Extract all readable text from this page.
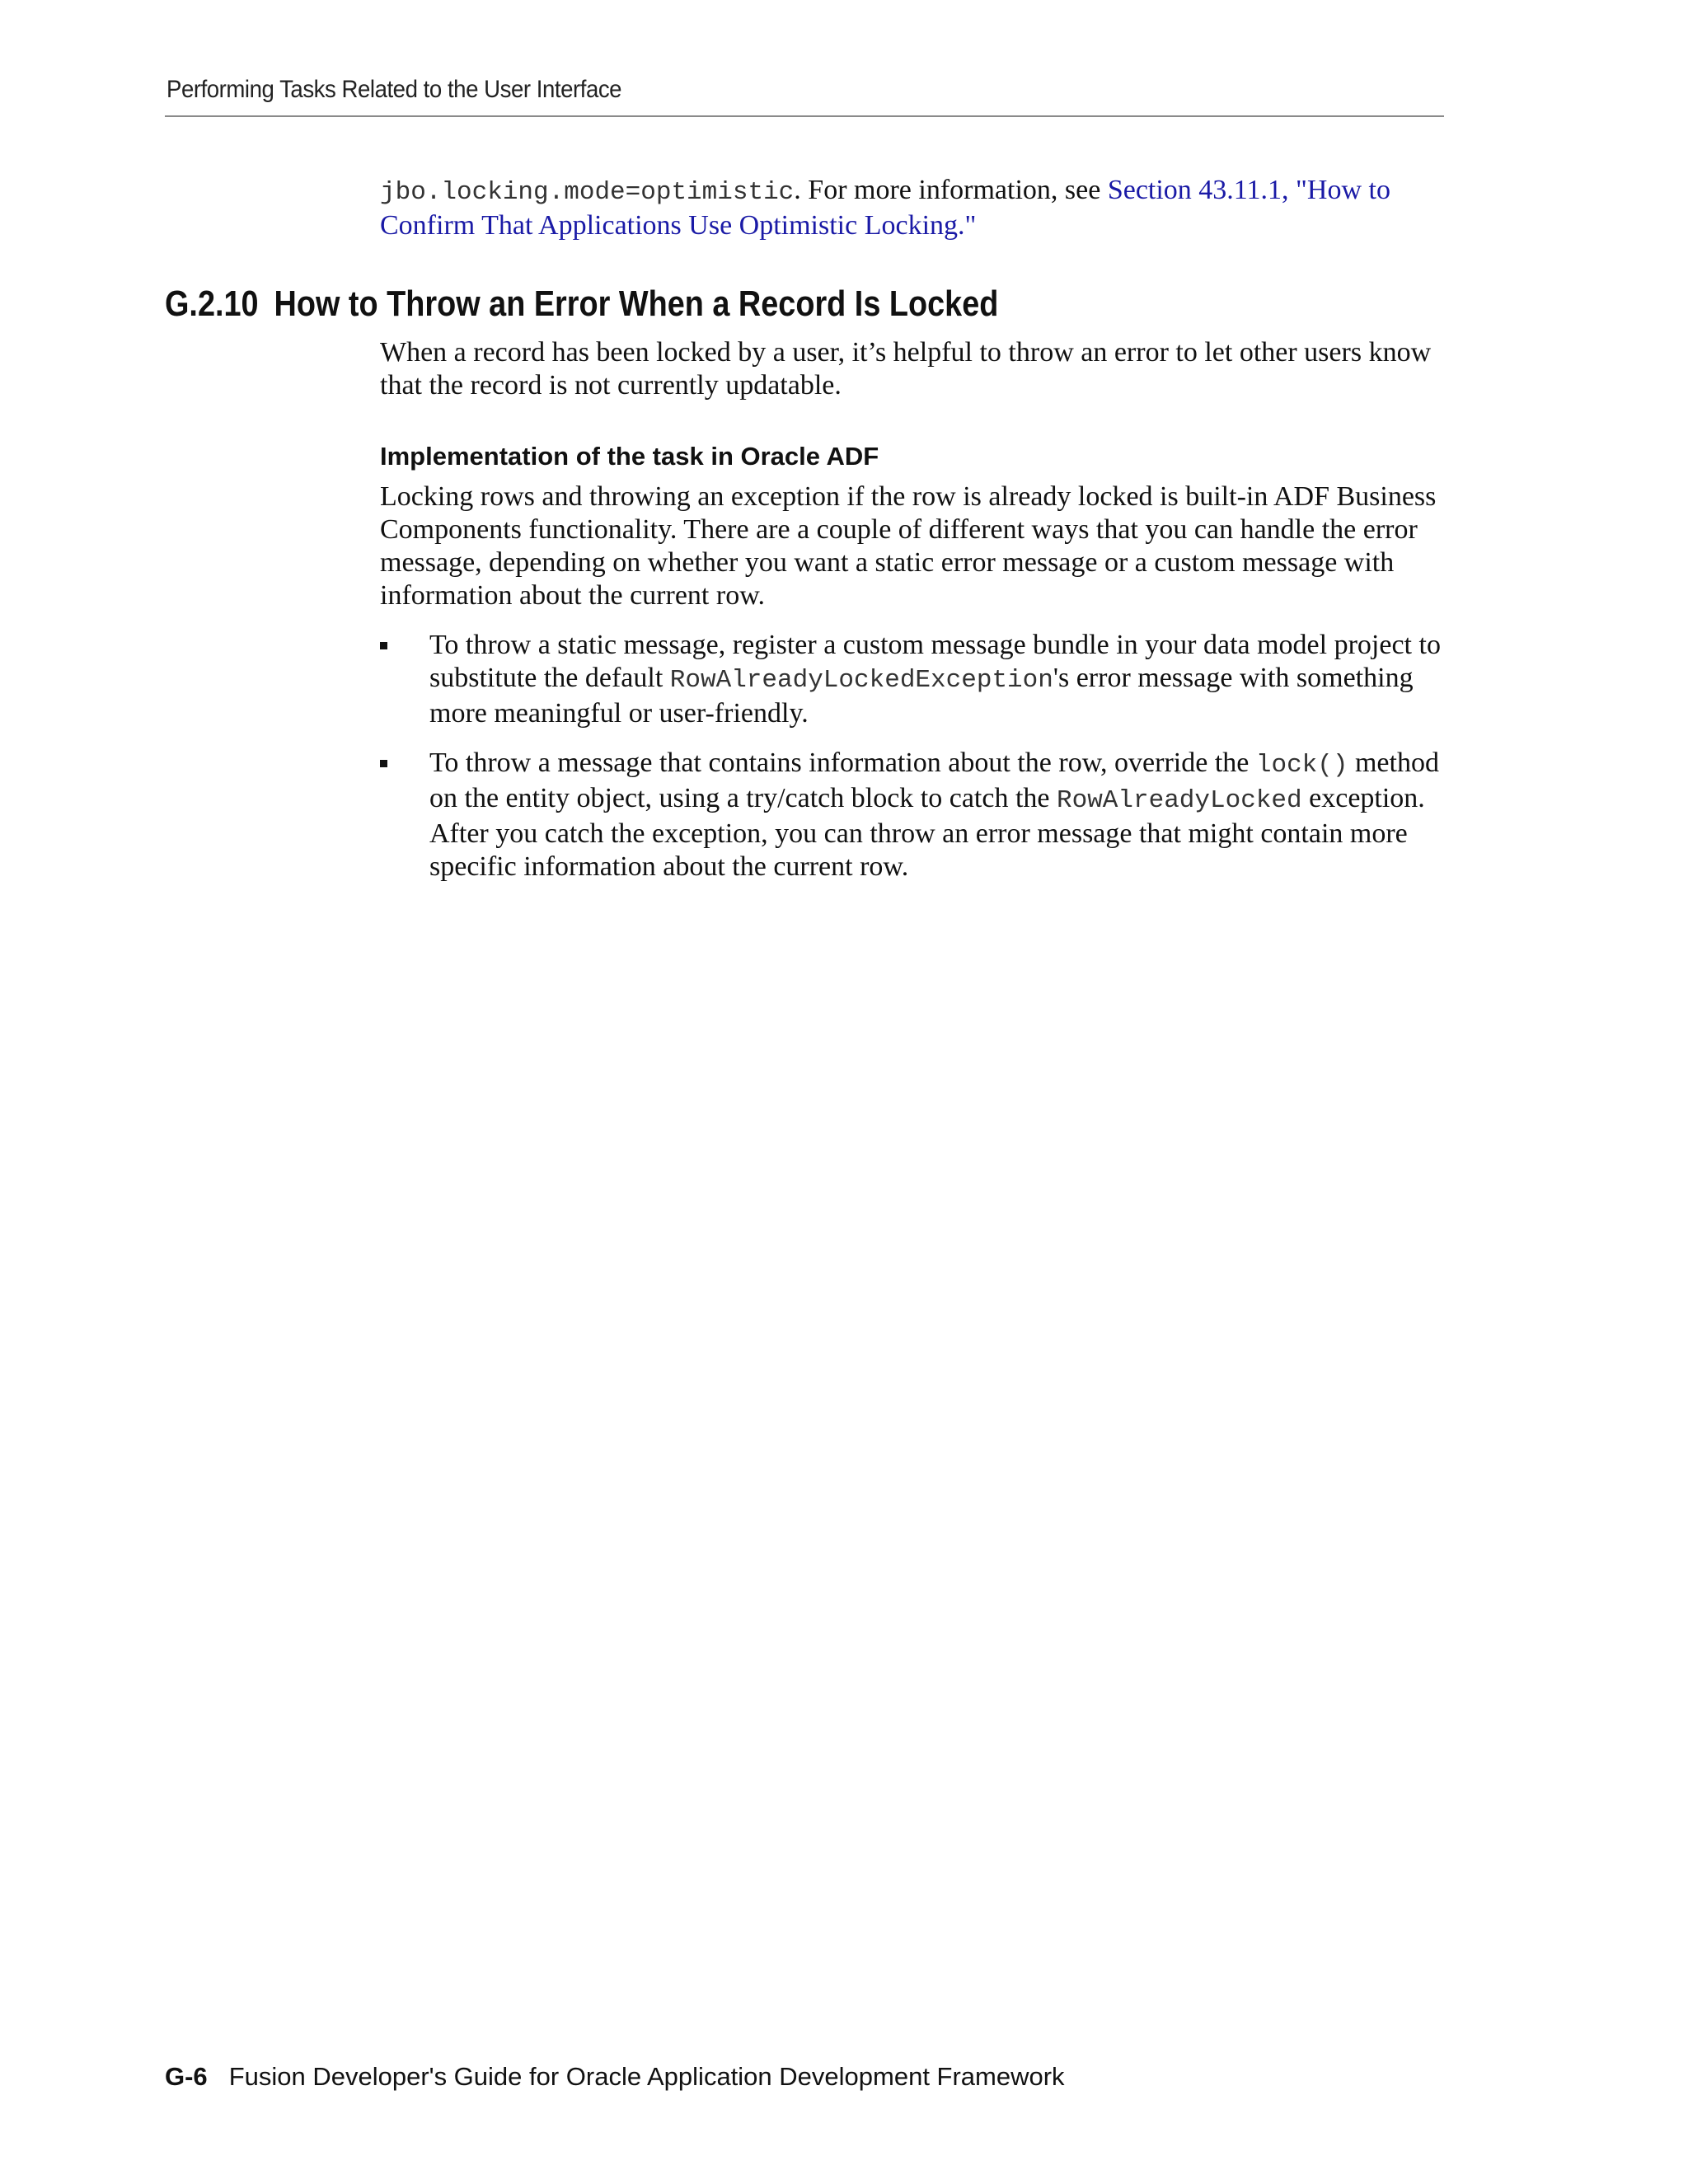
Performing Tasks Related to the User Interface

jbo.locking.mode=optimistic. For more information, see Section 43.11.1, "How to Confirm That Applications Use Optimistic Locking."

G.2.10 How to Throw an Error When a Record Is Locked

When a record has been locked by a user, it’s helpful to throw an error to let other users know that the record is not currently updatable.

Implementation of the task in Oracle ADF

Locking rows and throwing an exception if the row is already locked is built-in ADF Business Components functionality. There are a couple of different ways that you can handle the error message, depending on whether you want a static error message or a custom message with information about the current row.

To throw a static message, register a custom message bundle in your data model project to substitute the default RowAlreadyLockedException's error message with something more meaningful or user-friendly.
To throw a message that contains information about the row, override the lock() method on the entity object, using a try/catch block to catch the RowAlreadyLocked exception. After you catch the exception, you can throw an error message that might contain more specific information about the current row.
G-6 Fusion Developer's Guide for Oracle Application Development Framework
